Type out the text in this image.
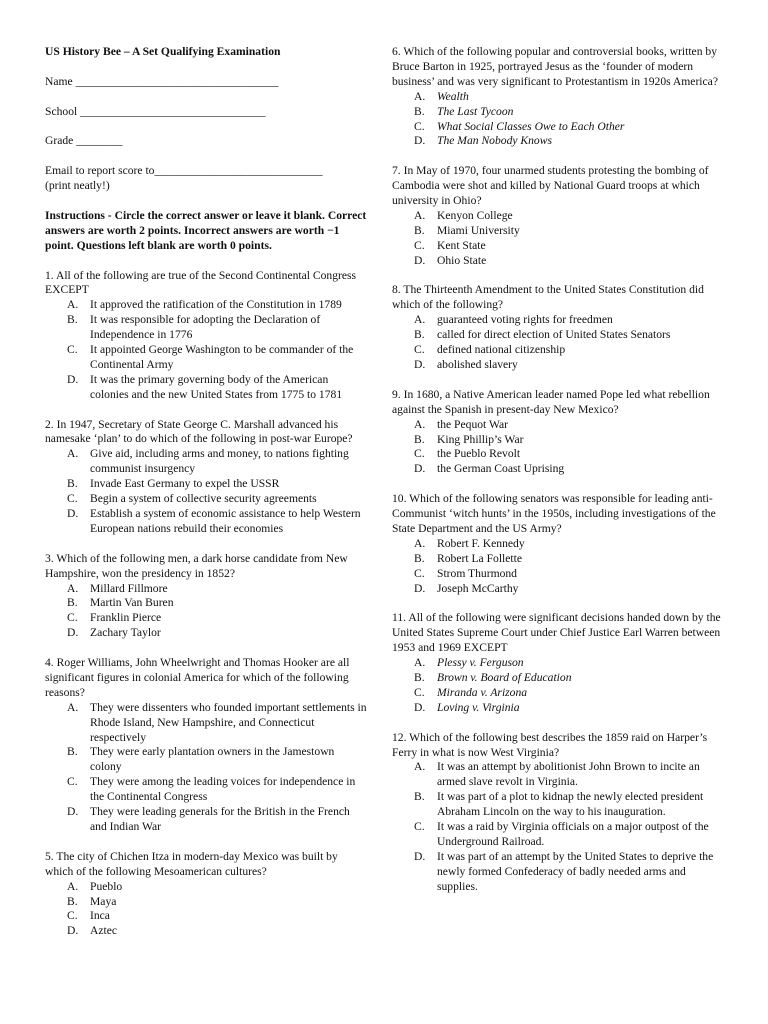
US History Bee – A Set Qualifying Examination
Name ___________________________________
School ________________________________
Grade ________
Email to report score to_____________________________
(print neatly!)
Instructions - Circle the correct answer or leave it blank. Correct answers are worth 2 points. Incorrect answers are worth −1 point. Questions left blank are worth 0 points.
1. All of the following are true of the Second Continental Congress EXCEPT
A. It approved the ratification of the Constitution in 1789
B. It was responsible for adopting the Declaration of Independence in 1776
C. It appointed George Washington to be commander of the Continental Army
D. It was the primary governing body of the American colonies and the new United States from 1775 to 1781
2. In 1947, Secretary of State George C. Marshall advanced his namesake ‘plan’ to do which of the following in post-war Europe?
A. Give aid, including arms and money, to nations fighting communist insurgency
B. Invade East Germany to expel the USSR
C. Begin a system of collective security agreements
D. Establish a system of economic assistance to help Western European nations rebuild their economies
3. Which of the following men, a dark horse candidate from New Hampshire, won the presidency in 1852?
A. Millard Fillmore
B. Martin Van Buren
C. Franklin Pierce
D. Zachary Taylor
4. Roger Williams, John Wheelwright and Thomas Hooker are all significant figures in colonial America for which of the following reasons?
A. They were dissenters who founded important settlements in Rhode Island, New Hampshire, and Connecticut respectively
B. They were early plantation owners in the Jamestown colony
C. They were among the leading voices for independence in the Continental Congress
D. They were leading generals for the British in the French and Indian War
5. The city of Chichen Itza in modern-day Mexico was built by which of the following Mesoamerican cultures?
A. Pueblo
B. Maya
C. Inca
D. Aztec
6. Which of the following popular and controversial books, written by Bruce Barton in 1925, portrayed Jesus as the ‘founder of modern business’ and was very significant to Protestantism in 1920s America?
A. Wealth
B. The Last Tycoon
C. What Social Classes Owe to Each Other
D. The Man Nobody Knows
7. In May of 1970, four unarmed students protesting the bombing of Cambodia were shot and killed by National Guard troops at which university in Ohio?
A. Kenyon College
B. Miami University
C. Kent State
D. Ohio State
8. The Thirteenth Amendment to the United States Constitution did which of the following?
A. guaranteed voting rights for freedmen
B. called for direct election of United States Senators
C. defined national citizenship
D. abolished slavery
9. In 1680, a Native American leader named Pope led what rebellion against the Spanish in present-day New Mexico?
A. the Pequot War
B. King Phillip’s War
C. the Pueblo Revolt
D. the German Coast Uprising
10. Which of the following senators was responsible for leading anti-Communist ‘witch hunts’ in the 1950s, including investigations of the State Department and the US Army?
A. Robert F. Kennedy
B. Robert La Follette
C. Strom Thurmond
D. Joseph McCarthy
11. All of the following were significant decisions handed down by the United States Supreme Court under Chief Justice Earl Warren between 1953 and 1969 EXCEPT
A. Plessy v. Ferguson
B. Brown v. Board of Education
C. Miranda v. Arizona
D. Loving v. Virginia
12. Which of the following best describes the 1859 raid on Harper’s Ferry in what is now West Virginia?
A. It was an attempt by abolitionist John Brown to incite an armed slave revolt in Virginia.
B. It was part of a plot to kidnap the newly elected president Abraham Lincoln on the way to his inauguration.
C. It was a raid by Virginia officials on a major outpost of the Underground Railroad.
D. It was part of an attempt by the United States to deprive the newly formed Confederacy of badly needed arms and supplies.
